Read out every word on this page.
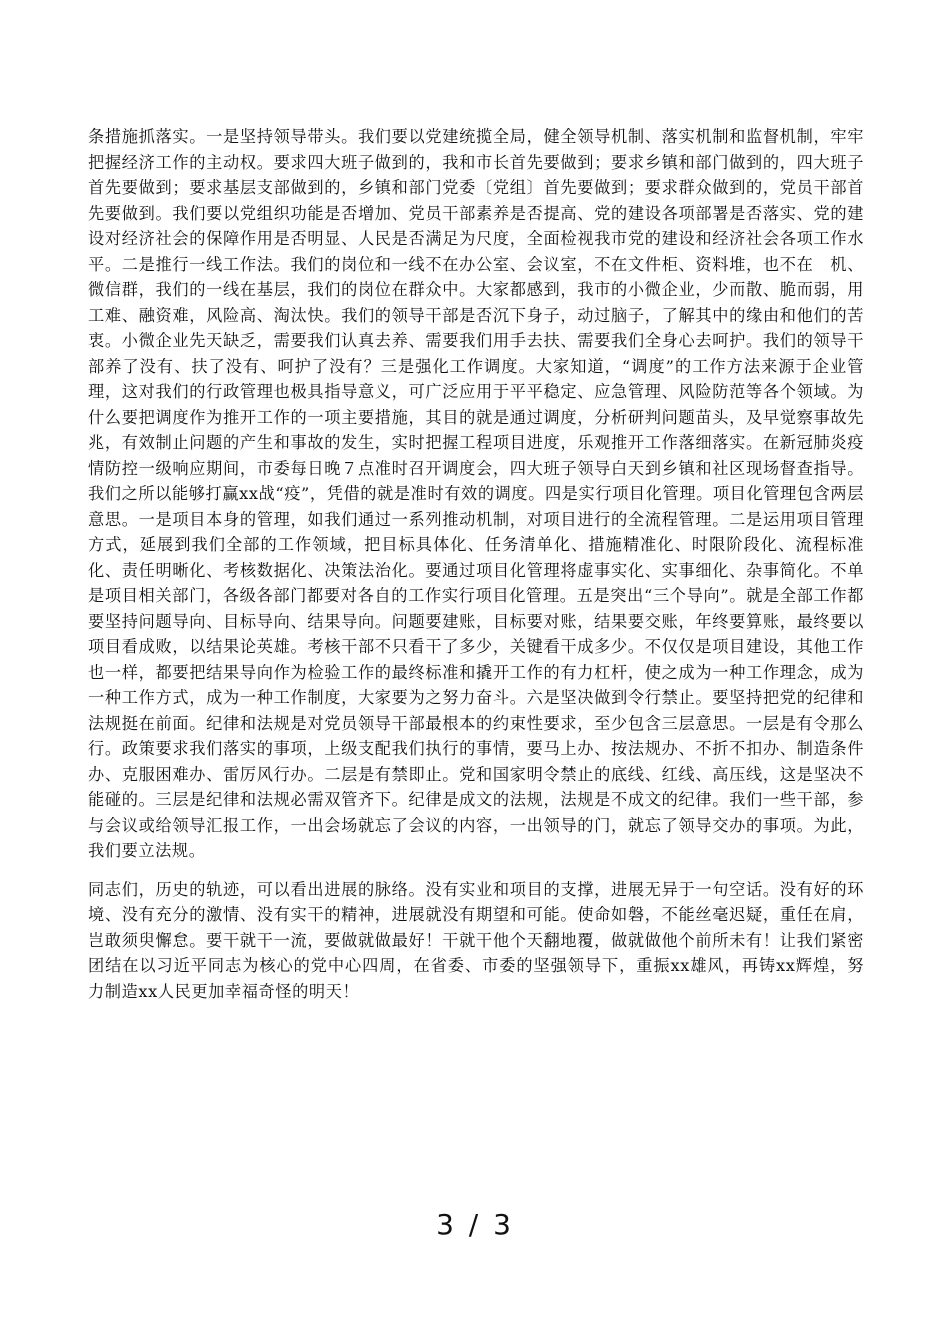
条措施抓落实。一是坚持领导带头。我们要以党建统揽全局，健全领导机制、落实机制和监督机制，牢牢把握经济工作的主动权。要求四大班子做到的，我和市长首先要做到；要求乡镇和部门做到的，四大班子首先要做到；要求基层支部做到的，乡镇和部门党委〔党组〕首先要做到；要求群众做到的，党员干部首先要做到。我们要以党组织功能是否增加、党员干部素养是否提高、党的建设各项部署是否落实、党的建设对经济社会的保障作用是否明显、人民是否满足为尺度，全面检视我市党的建设和经济社会各项工作水平。二是推行一线工作法。我们的岗位和一线不在办公室、会议室，不在文件柜、资料堆，也不在　机、微信群，我们的一线在基层，我们的岗位在群众中。大家都感到，我市的小微企业，少而散、脆而弱，用工难、融资难，风险高、淘汰快。我们的领导干部是否沉下身子，动过脑子，了解其中的缘由和他们的苦衷。小微企业先天缺乏，需要我们认真去养、需要我们用手去扶、需要我们全身心去呵护。我们的领导干部养了没有、扶了没有、呵护了没有？三是强化工作调度。大家知道，“调度”的工作方法来源于企业管理，这对我们的行政管理也极具指导意义，可广泛应用于平平稳定、应急管理、风险防范等各个领域。为什么要把调度作为推开工作的一项主要措施，其目的就是通过调度，分析研判问题苗头，及早觉察事故先兆，有效制止问题的产生和事故的发生，实时把握工程项目进度，乐观推开工作落细落实。在新冠肺炎疫情防控一级响应期间，市委每日晚７点准时召开调度会，四大班子领导白天到乡镇和社区现场督查指导。我们之所以能够打赢xx战“疫”，凭借的就是准时有效的调度。四是实行项目化管理。项目化管理包含两层意思。一是项目本身的管理，如我们通过一系列推动机制，对项目进行的全流程管理。二是运用项目管理方式，延展到我们全部的工作领域，把目标具体化、任务清单化、措施精准化、时限阶段化、流程标准化、责任明晰化、考核数据化、决策法治化。要通过项目化管理将虚事实化、实事细化、杂事简化。不单是项目相关部门，各级各部门都要对各自的工作实行项目化管理。五是突出“三个导向”。就是全部工作都要坚持问题导向、目标导向、结果导向。问题要建账，目标要对账，结果要交账，年终要算账，最终要以项目看成败，以结果论英雄。考核干部不只看干了多少，关键看干成多少。不仅仅是项目建设，其他工作也一样，都要把结果导向作为检验工作的最终标准和撬开工作的有力杠杆，使之成为一种工作理念，成为一种工作方式，成为一种工作制度，大家要为之努力奋斗。六是坚决做到令行禁止。要坚持把党的纪律和法规挺在前面。纪律和法规是对党员领导干部最根本的约束性要求，至少包含三层意思。一层是有令那么行。政策要求我们落实的事项，上级支配我们执行的事情，要马上办、按法规办、不折不扣办、制造条件办、克服困难办、雷厉风行办。二层是有禁即止。党和国家明令禁止的底线、红线、高压线，这是坚决不能碰的。三层是纪律和法规必需双管齐下。纪律是成文的法规，法规是不成文的纪律。我们一些干部，参与会议或给领导汇报工作，一出会场就忘了会议的内容，一出领导的门，就忘了领导交办的事项。为此，我们要立法规。

同志们，历史的轨迹，可以看出进展的脉络。没有实业和项目的支撑，进展无异于一句空话。没有好的环境、没有充分的激情、没有实干的精神，进展就没有期望和可能。使命如磐，不能丝毫迟疑，重任在肩，岂敢须臾懈怠。要干就干一流，要做就做最好！干就干他个天翻地覆，做就做他个前所未有！让我们紧密团结在以习近平同志为核心的党中心四周，在省委、市委的坚强领导下，重振xx雄风，再铸xx辉煌，努力制造xx人民更加幸福奇怪的明天！

3 / 3
